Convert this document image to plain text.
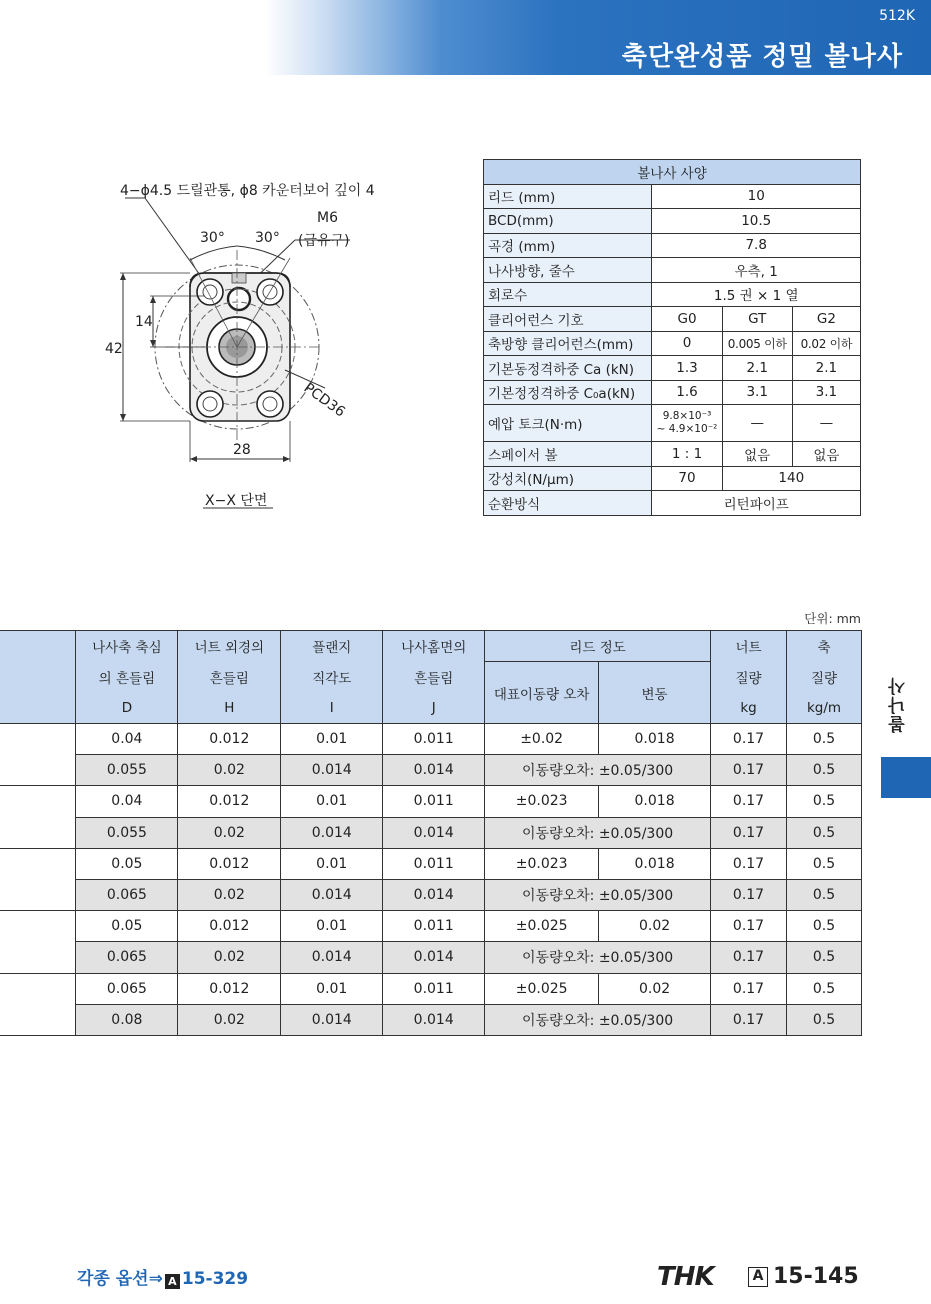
512K
축단완성품 정밀 볼나사
4−ϕ4.5 드릴관통, ϕ8 카운터보어 깊이 4
M6
(급유구)
30° 30°
14
42
28
PCD36
X−X 단면
볼나사 사양			
리드 (mm)	10		
BCD(mm)	10.5		
곡경 (mm)	7.8		
나사방향, 줄수	우측, 1		
회로수	1.5 권 × 1 열		
클리어런스 기호	G0	GT	G2
축방향 클리어런스(mm)	0	0.005 이하	0.02 이하
기본동정격하중 Ca (kN)	1.3	2.1	2.1
기본정정격하중 C₀a(kN)	1.6	3.1	3.1
예압 토크(N·m)	9.8×10⁻³
~ 4.9×10⁻²	—	—
스페이서 볼	1 : 1	없음	없음
강성치(N/μm)	70	140	
순환방식	리턴파이프		
단위: mm
	나사축 축심	너트 외경의	플랜지	나사홈면의	리드 정도		너트	축
	의 흔들림	흔들림	직각도	흔들림	대표이동량 오차	변동	질량	질량
	D	H	I	J			kg	kg/m
	0.04	0.012	0.01	0.011	±0.02	0.018	0.17	0.5
	0.055	0.02	0.014	0.014	이동량오차: ±0.05/300		0.17	0.5
	0.04	0.012	0.01	0.011	±0.023	0.018	0.17	0.5
	0.055	0.02	0.014	0.014	이동량오차: ±0.05/300		0.17	0.5
	0.05	0.012	0.01	0.011	±0.023	0.018	0.17	0.5
	0.065	0.02	0.014	0.014	이동량오차: ±0.05/300		0.17	0.5
	0.05	0.012	0.01	0.011	±0.025	0.02	0.17	0.5
	0.065	0.02	0.014	0.014	이동량오차: ±0.05/300		0.17	0.5
	0.065	0.012	0.01	0.011	±0.025	0.02	0.17	0.5
	0.08	0.02	0.014	0.014	이동량오차: ±0.05/300		0.17	0.5
볼나사
각종 옵션⇒ A 15-329	THK	A 15-145
